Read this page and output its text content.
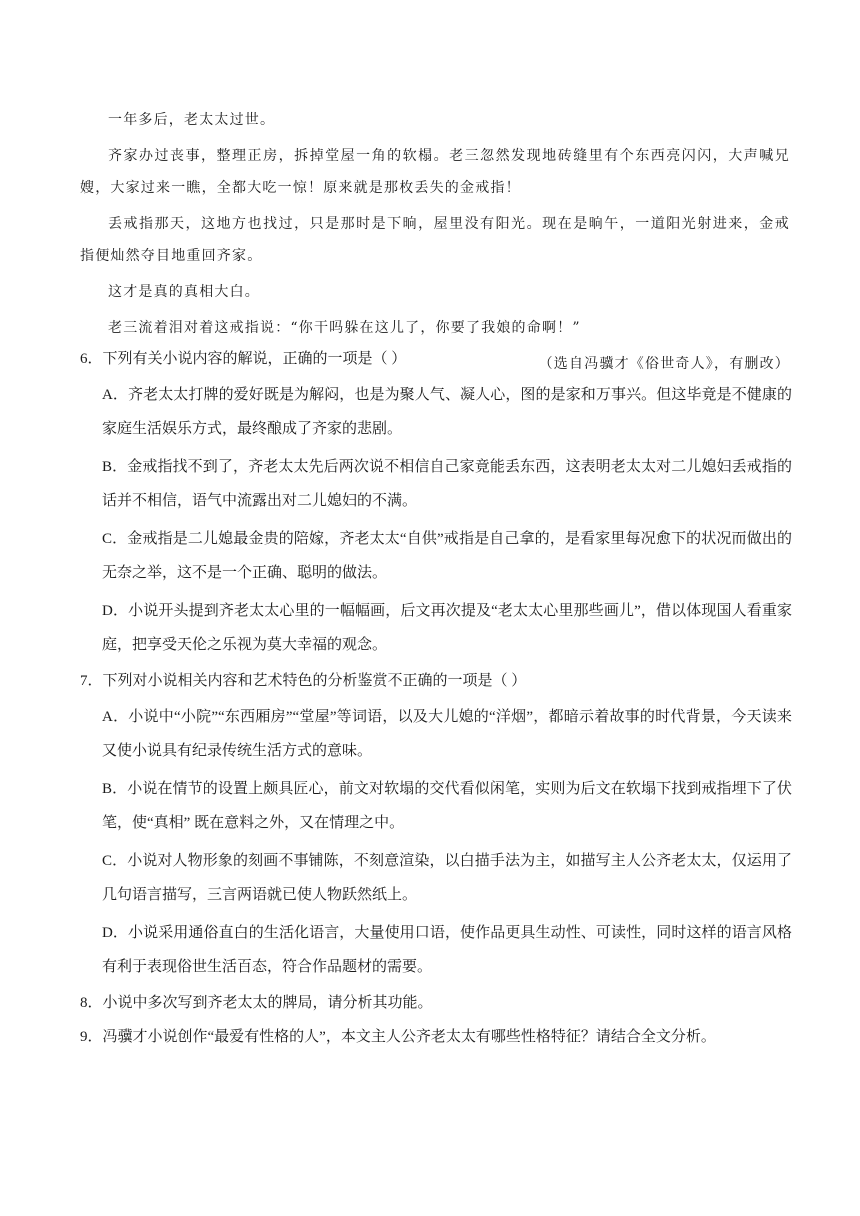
一年多后，老太太过世。

齐家办过丧事，整理正房，拆掉堂屋一角的软榻。老三忽然发现地砖缝里有个东西亮闪闪，大声喊兄嫂，大家过来一瞧，全都大吃一惊！原来就是那枚丢失的金戒指！

丢戒指那天，这地方也找过，只是那时是下晌，屋里没有阳光。现在是晌午，一道阳光射进来，金戒指便灿然夺目地重回齐家。

这才是真的真相大白。

老三流着泪对着这戒指说：“你干吗躲在这儿了，你要了我娘的命啊！”

（选自冯骥才《俗世奇人》，有删改）

6．下列有关小说内容的解说，正确的一项是（ ）

A．齐老太太打牌的爱好既是为解闷，也是为聚人气、凝人心，图的是家和万事兴。但这毕竟是不健康的家庭生活娱乐方式，最终酿成了齐家的悲剧。

B．金戒指找不到了，齐老太太先后两次说不相信自己家竟能丢东西，这表明老太太对二儿媳妇丢戒指的话并不相信，语气中流露出对二儿媳妇的不满。

C．金戒指是二儿媳最金贵的陪嫁，齐老太太“自供”戒指是自己拿的，是看家里每况愈下的状况而做出的无奈之举，这不是一个正确、聪明的做法。

D．小说开头提到齐老太太心里的一幅幅画，后文再次提及“老太太心里那些画儿”，借以体现国人看重家庭，把享受天伦之乐视为莫大幸福的观念。

7．下列对小说相关内容和艺术特色的分析鉴赏不正确的一项是（ ）

A．小说中“小院”“东西厢房”“堂屋”等词语，以及大儿媳的“洋烟”，都暗示着故事的时代背景，今天读来又使小说具有纪录传统生活方式的意味。

B．小说在情节的设置上颇具匠心，前文对软塌的交代看似闲笔，实则为后文在软塌下找到戒指埋下了伏笔，使“真相” 既在意料之外，又在情理之中。

C．小说对人物形象的刻画不事铺陈，不刻意渲染，以白描手法为主，如描写主人公齐老太太，仅运用了几句语言描写，三言两语就已使人物跃然纸上。

D．小说采用通俗直白的生活化语言，大量使用口语，使作品更具生动性、可读性，同时这样的语言风格有利于表现俗世生活百态，符合作品题材的需要。

8．小说中多次写到齐老太太的牌局，请分析其功能。

9．冯骥才小说创作“最爱有性格的人”，本文主人公齐老太太有哪些性格特征？请结合全文分析。
